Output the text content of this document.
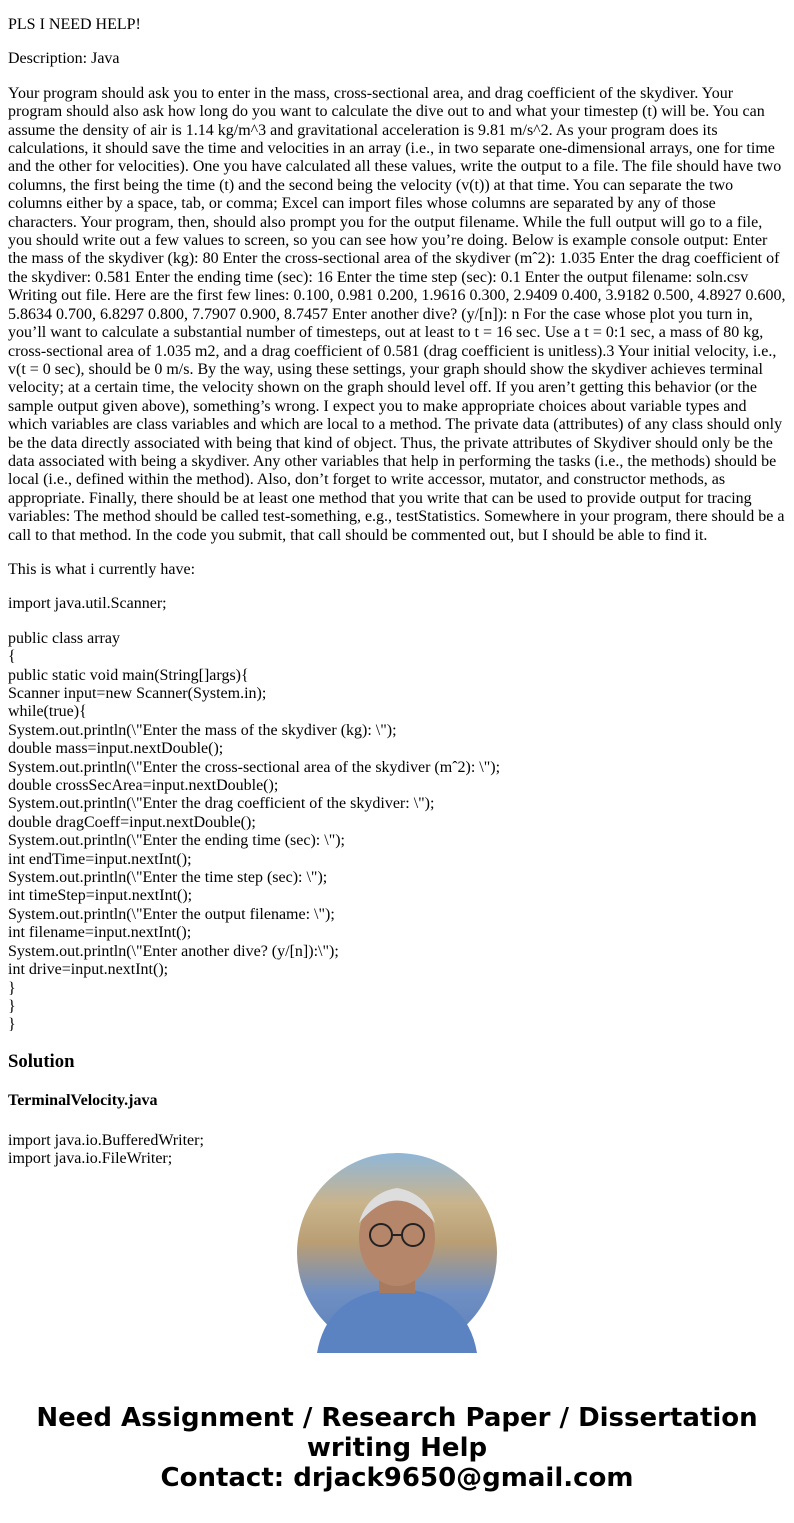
PLS I NEED HELP!

Description: Java

Your program should ask you to enter in the mass, cross-sectional area, and drag coefficient of the skydiver. Your program should also ask how long do you want to calculate the dive out to and what your timestep (t) will be. You can assume the density of air is 1.14 kg/m^3 and gravitational acceleration is 9.81 m/s^2. As your program does its calculations, it should save the time and velocities in an array (i.e., in two separate one-dimensional arrays, one for time and the other for velocities). One you have calculated all these values, write the output to a file. The file should have two columns, the first being the time (t) and the second being the velocity (v(t)) at that time. You can separate the two columns either by a space, tab, or comma; Excel can import files whose columns are separated by any of those characters. Your program, then, should also prompt you for the output filename. While the full output will go to a file, you should write out a few values to screen, so you can see how you’re doing. Below is example console output: Enter the mass of the skydiver (kg): 80 Enter the cross-sectional area of the skydiver (mˆ2): 1.035 Enter the drag coefficient of the skydiver: 0.581 Enter the ending time (sec): 16 Enter the time step (sec): 0.1 Enter the output filename: soln.csv Writing out file. Here are the first few lines: 0.100, 0.981 0.200, 1.9616 0.300, 2.9409 0.400, 3.9182 0.500, 4.8927 0.600, 5.8634 0.700, 6.8297 0.800, 7.7907 0.900, 8.7457 Enter another dive? (y/[n]): n For the case whose plot you turn in, you’ll want to calculate a substantial number of timesteps, out at least to t = 16 sec. Use a t = 0:1 sec, a mass of 80 kg, cross-sectional area of 1.035 m2, and a drag coefficient of 0.581 (drag coefficient is unitless).3 Your initial velocity, i.e., v(t = 0 sec), should be 0 m/s. By the way, using these settings, your graph should show the skydiver achieves terminal velocity; at a certain time, the velocity shown on the graph should level off. If you aren’t getting this behavior (or the sample output given above), something’s wrong. I expect you to make appropriate choices about variable types and which variables are class variables and which are local to a method. The private data (attributes) of any class should only be the data directly associated with being that kind of object. Thus, the private attributes of Skydiver should only be the data associated with being a skydiver. Any other variables that help in performing the tasks (i.e., the methods) should be local (i.e., defined within the method). Also, don’t forget to write accessor, mutator, and constructor methods, as appropriate. Finally, there should be at least one method that you write that can be used to provide output for tracing variables: The method should be called test-something, e.g., testStatistics. Somewhere in your program, there should be a call to that method. In the code you submit, that call should be commented out, but I should be able to find it.

This is what i currently have:

import java.util.Scanner;

public class array
{
public static void main(String[]args){
Scanner input=new Scanner(System.in);
while(true){
System.out.println(\"Enter the mass of the skydiver (kg): \");
double mass=input.nextDouble();
System.out.println(\"Enter the cross-sectional area of the skydiver (mˆ2): \");
double crossSecArea=input.nextDouble();
System.out.println(\"Enter the drag coefficient of the skydiver: \");
double dragCoeff=input.nextDouble();
System.out.println(\"Enter the ending time (sec): \");
int endTime=input.nextInt();
System.out.println(\"Enter the time step (sec): \");
int timeStep=input.nextInt();
System.out.println(\"Enter the output filename: \");
int filename=input.nextInt();
System.out.println(\"Enter another dive? (y/[n]):\");
int drive=input.nextInt();
}
}
}

Solution
TerminalVelocity.java

import java.io.BufferedWriter;
import java.io.FileWriter;

Need Assignment / Research Paper / Dissertation
writing Help
Contact: drjack9650@gmail.com
